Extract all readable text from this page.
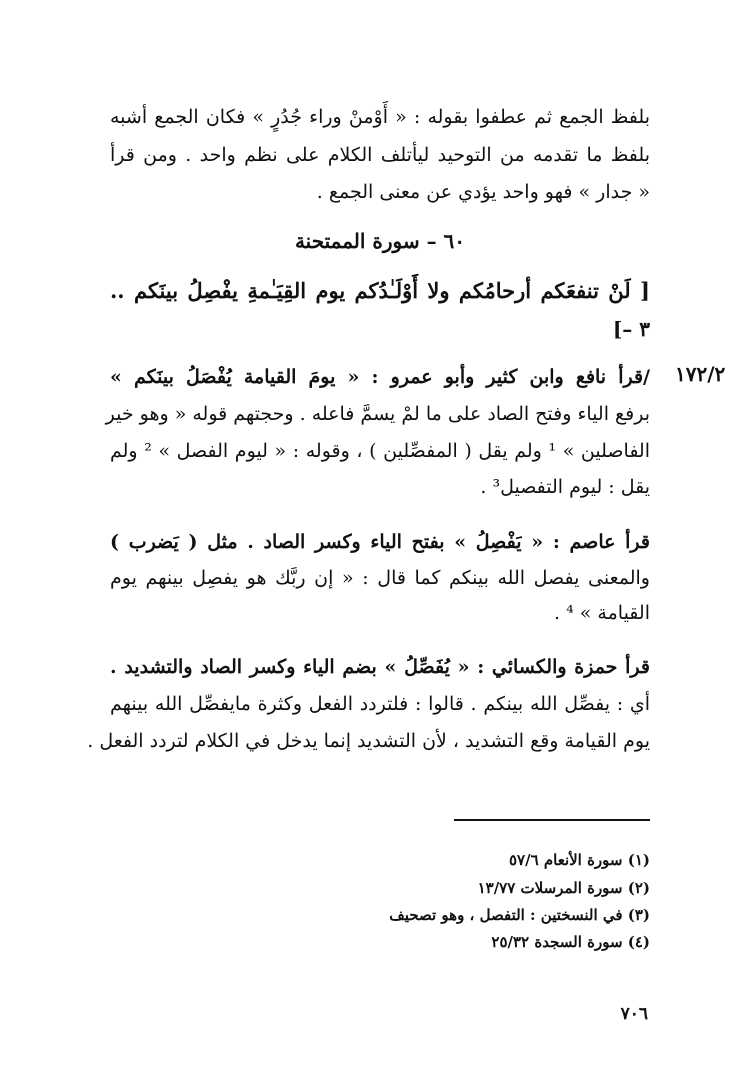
بلفظ الجمع ثم عطفوا بقوله : « أَوْمنْ وراء جُدُرٍ » فكان الجمع أشبه
بلفظ ما تقدمه من التوحيد ليأتلف الكلام على نظم واحد . ومن قرأ
« جدار » فهو واحد يؤدي عن معنى الجمع .
٦٠ – سورة الممتحنة
[ لَنْ تنفعَكم أرحامُكم ولا أَوْلَـٰدُكم يوم القِيَـٰمةِ يفْصِلُ بينَكم ..
٣ –]
١٧٢/٢
/قرأ نافع وابن كثير وأبو عمرو : « يومَ القيامة يُفْصَلُ بينَكم »
برفع الياء وفتح الصاد على ما لمْ يسمَّ فاعله . وحجتهم قوله « وهو خير
الفاصلين » ¹ ولم يقل ( المفصِّلين ) ، وقوله : « ليوم الفصل » ² ولم
يقل : ليوم التفصيل³ .
قرأ عاصم : « يَفْصِلُ » بفتح الياء وكسر الصاد . مثل ( يَضرب )
والمعنى يفصل الله بينكم كما قال : « إن ربَّك هو يفصِل بينهم يوم
القيامة » ⁴ .
قرأ حمزة والكسائي : « يُفَصِّلُ » بضم الياء وكسر الصاد والتشديد .
أي : يفصِّل الله بينكم . قالوا : فلتردد الفعل وكثرة مايفصِّل الله بينهم
يوم القيامة وقع التشديد ، لأن التشديد إنما يدخل في الكلام لتردد الفعل .
(١) سورة الأنعام ٥٧/٦
(٢) سورة المرسلات ١٣/٧٧
(٣) في النسختين : التفصل ، وهو تصحيف
(٤) سورة السجدة ٢٥/٣٢
٧٠٦
